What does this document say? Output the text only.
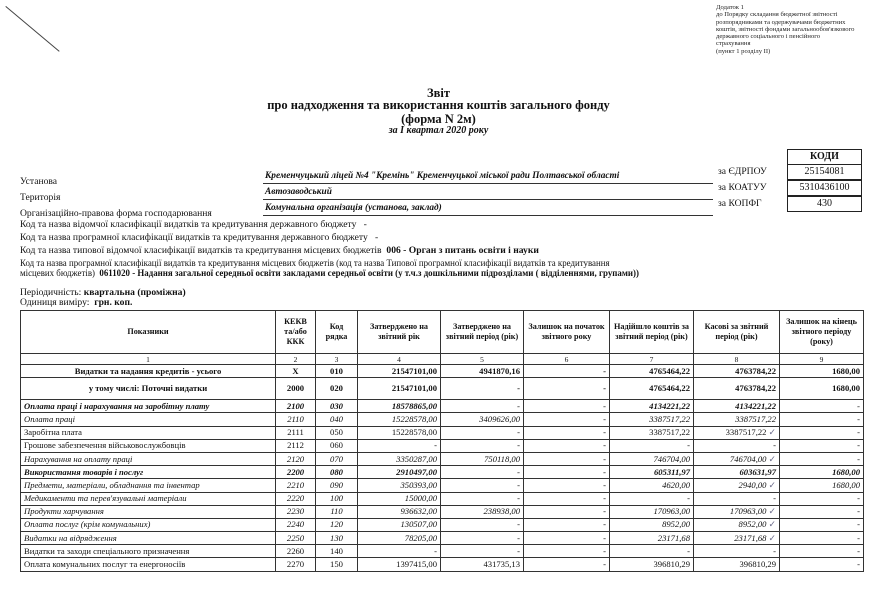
Додаток 1
до Порядку складання бюджетної звітності
розпорядниками та одержувачами бюджетних
коштів, звітності фондами загальнообов'язкового
державного соціального і пенсійного
страхування
(пункт 1 розділу II)
Звіт
про надходження та використання коштів загального фонду
(форма N 2м)
за I квартал 2020 року
КОДИ
за ЄДРПОУ	25154081
за КОАТУУ	5310436100
за КОПФГ	430
Установа	Кременчуцький ліцей №4 "Кремінь" Кременчуцької міської ради Полтавської області
Територія	Автозаводський
Організаційно-правова форма господарювання	Комунальна організація (установа, заклад)
Код та назва відомчої класифікації видатків та кредитування державного бюджету -
Код та назва програмної класифікації видатків та кредитування державного бюджету -
Код та назва типової відомчої класифікації видатків та кредитування місцевих бюджетів 006 - Орган з питань освіти і науки
Код та назва програмної класифікації видатків та кредитування місцевих бюджетів (код та назва Типової програмної класифікації видатків та кредитування
місцевих бюджетів) 0611020 - Надання загальної середньої освіти закладами середньої освіти (у т.ч.з дошкільними підрозділами ( відділеннями, групами))
Періодичність: квартальна (проміжна)
Одиниця виміру: грн. коп.
Показники	КЕКВ та/або ККК	Код рядка	Затверджено на звітний рік	Затверджено на звітний період (рік)	Залишок на початок звітного року	Надійшло коштів за звітний період (рік)	Касові за звітний період (рік)	Залишок на кінець звітного періоду (року)
1	2	3	4	5	6	7	8	9
Видатки та надання кредитів - усього	X	010	21547101,00	4941870,16	-	4765464,22	4763784,22	1680,00
у тому числі: Поточні видатки	2000	020	21547101,00	-	-	4765464,22	4763784,22	1680,00
Оплата праці і нарахування на заробітну плату	2100	030	18578865,00	-	-	4134221,22	4134221,22	-
Оплата праці	2110	040	15228578,00	3409626,00	-	3387517,22	3387517,22	-
Заробітна плата	2111	050	15228578,00	-	-	3387517,22	3387517,22 ✓	-
Грошове забезпечення військовослужбовців	2112	060	-	-	-	-	-	-
Нарахування на оплату праці	2120	070	3350287,00	750118,00	-	746704,00	746704,00 ✓	-
Використання товарів і послуг	2200	080	2910497,00	-	-	605311,97	603631,97	1680,00
Предмети, матеріали, обладнання та інвентар	2210	090	350393,00	-	-	4620,00	2940,00 ✓	1680,00
Медикаменти та перев'язувальні матеріали	2220	100	15000,00	-	-	-	-	-
Продукти харчування	2230	110	936632,00	238938,00	-	170963,00	170963,00 ✓	-
Оплата послуг (крім комунальних)	2240	120	130507,00	-	-	8952,00	8952,00 ✓	-
Видатки на відрядження	2250	130	78205,00	-	-	23171,68	23171,68 ✓	-
Видатки та заходи спеціального призначення	2260	140	-	-	-	-	-	-
Оплата комунальних послуг та енергоносіїв	2270	150	1397415,00	431735,13	-	396810,29	396810,29	-
